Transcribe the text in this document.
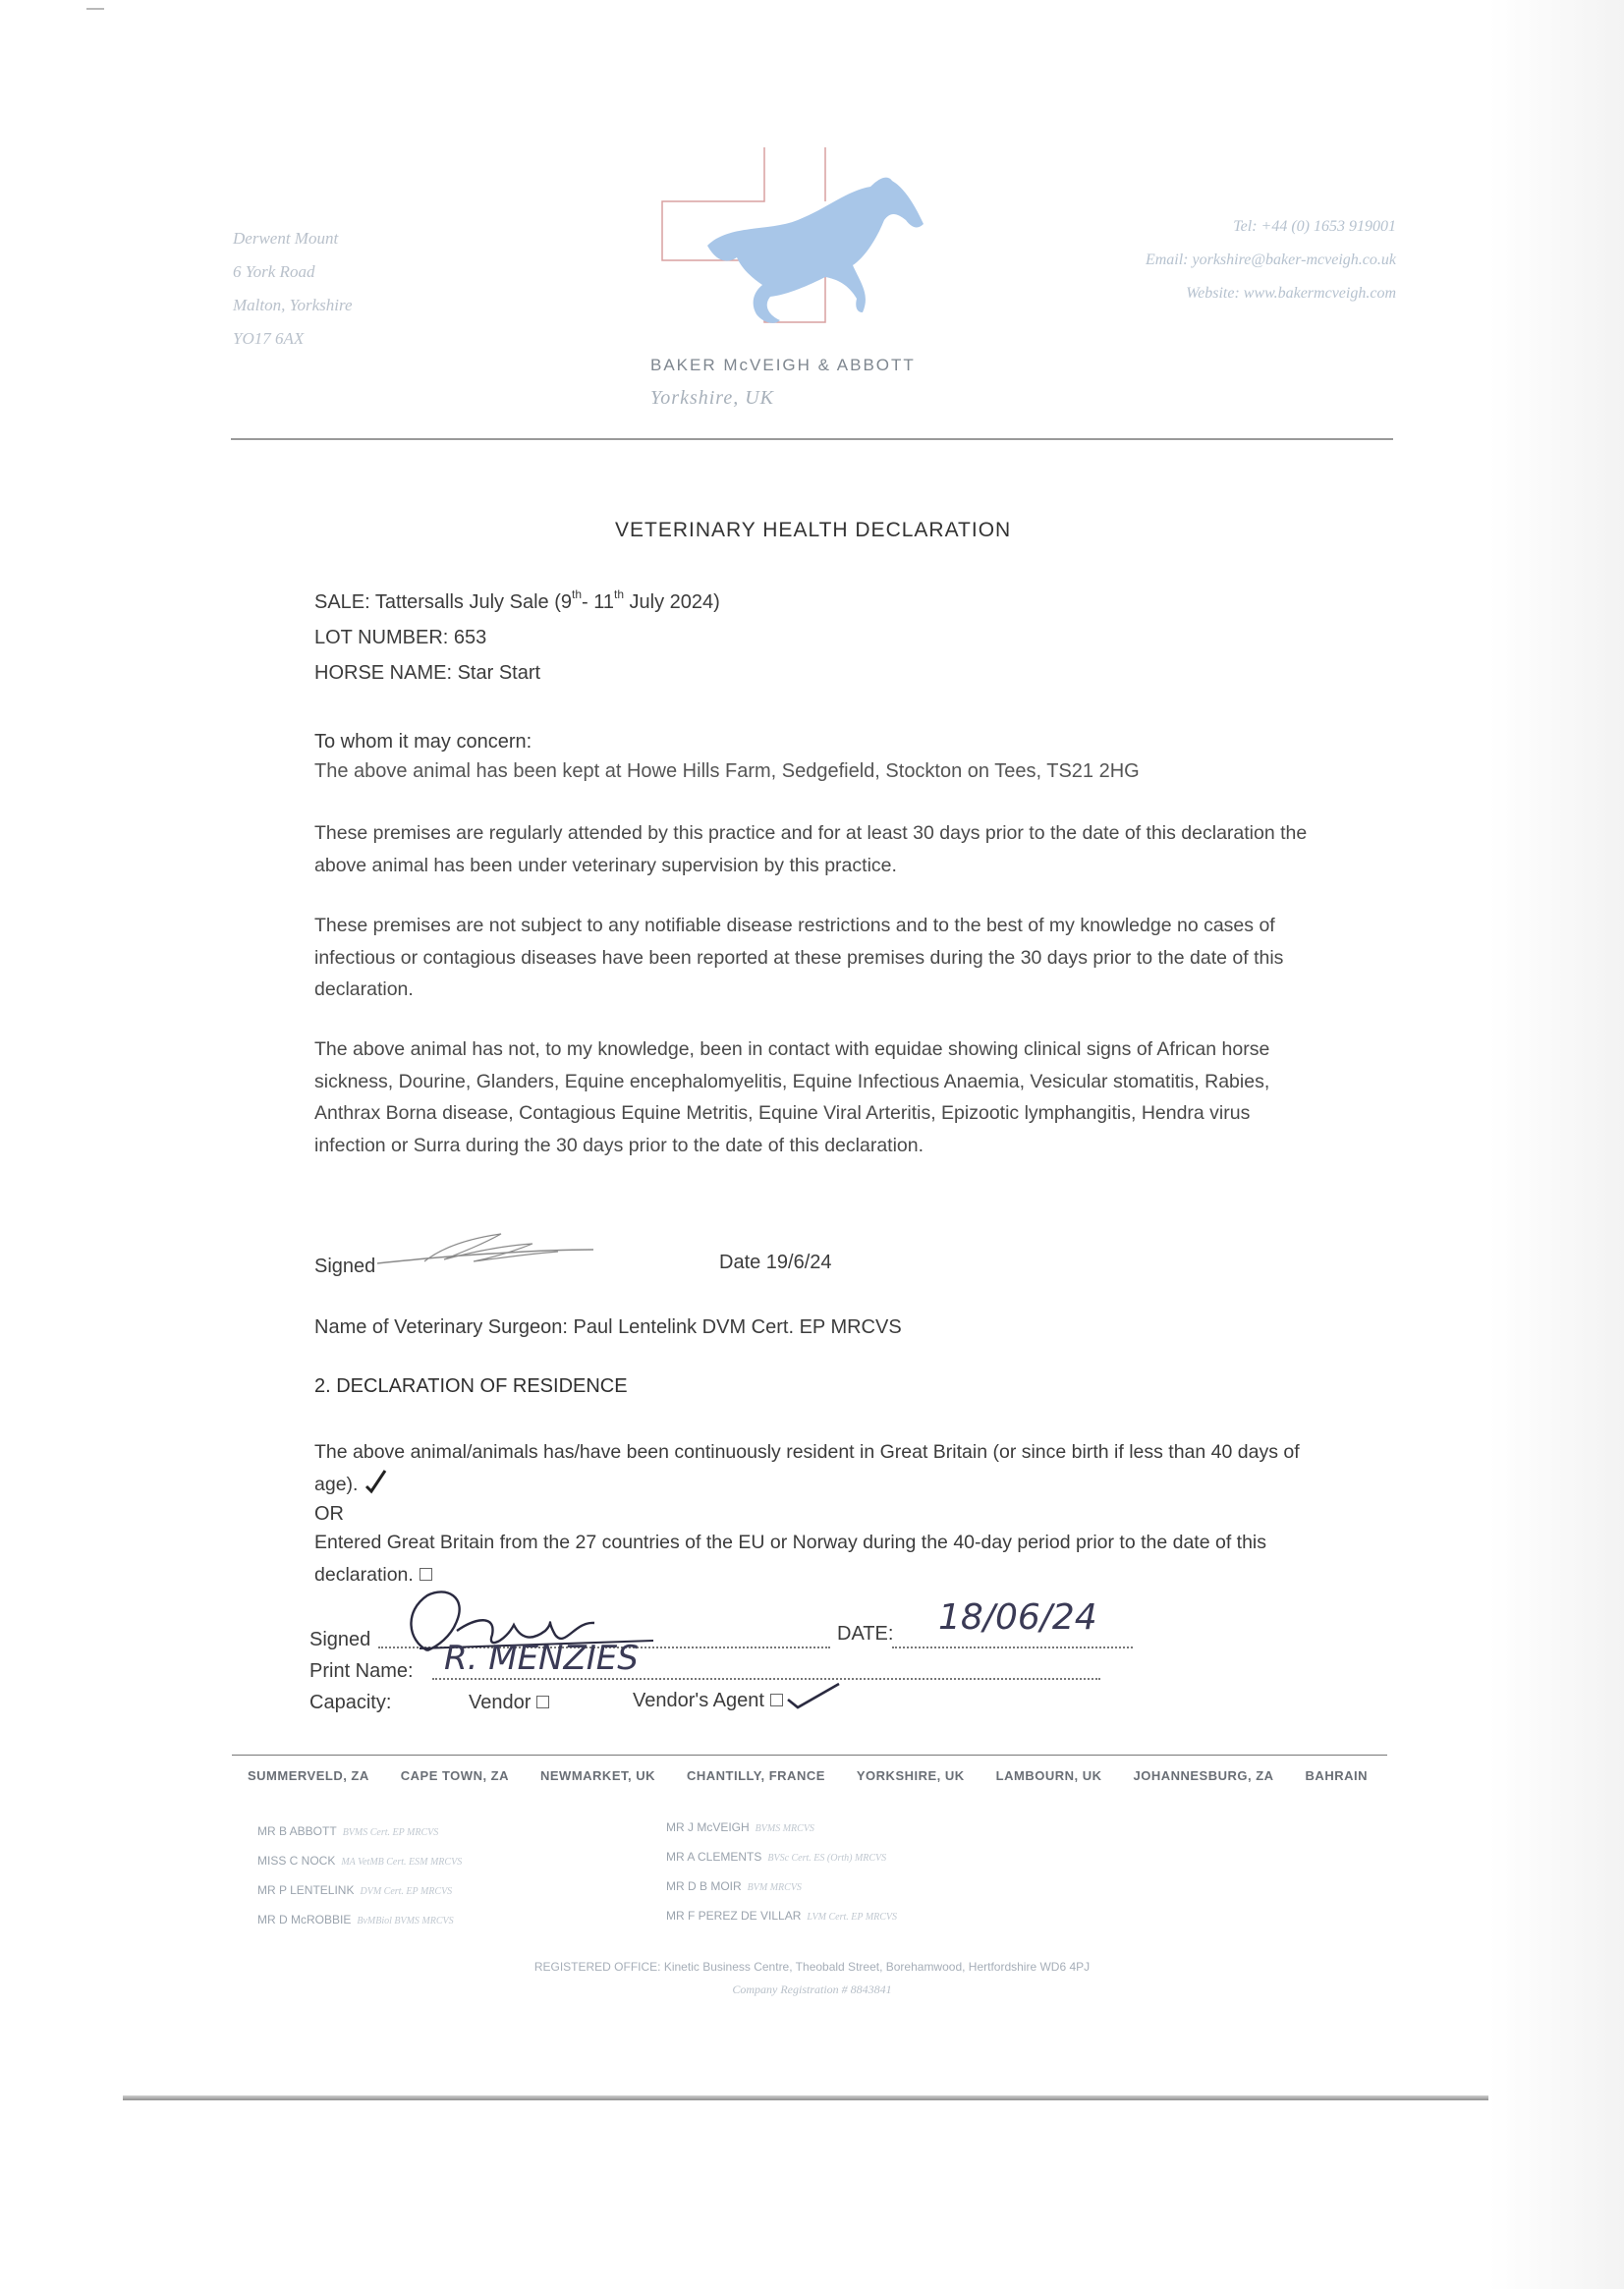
Derwent Mount
6 York Road
Malton, Yorkshire
YO17 6AX
Tel: +44 (0) 1653 919001
Email: yorkshire@baker-mcveigh.co.uk
Website: www.bakermcveigh.com
BAKER McVEIGH & ABBOTT
Yorkshire, UK
VETERINARY HEALTH DECLARATION
SALE: Tattersalls July Sale (9th- 11th July 2024)
LOT NUMBER: 653
HORSE NAME: Star Start
To whom it may concern:
The above animal has been kept at Howe Hills Farm, Sedgefield, Stockton on Tees, TS21 2HG
These premises are regularly attended by this practice and for at least 30 days prior to the date of this declaration the above animal has been under veterinary supervision by this practice.
These premises are not subject to any notifiable disease restrictions and to the best of my knowledge no cases of infectious or contagious diseases have been reported at these premises during the 30 days prior to the date of this declaration.
The above animal has not, to my knowledge, been in contact with equidae showing clinical signs of African horse sickness, Dourine, Glanders, Equine encephalomyelitis, Equine Infectious Anaemia, Vesicular stomatitis, Rabies, Anthrax Borna disease, Contagious Equine Metritis, Equine Viral Arteritis, Epizootic lymphangitis, Hendra virus infection or Surra during the 30 days prior to the date of this declaration.
Signed	Date 19/6/24
Name of Veterinary Surgeon: Paul Lentelink DVM Cert. EP MRCVS
2. DECLARATION OF RESIDENCE
The above animal/animals has/have been continuously resident in Great Britain (or since birth if less than 40 days of age).
OR
Entered Great Britain from the 27 countries of the EU or Norway during the 40-day period prior to the date of this declaration.
Signed	DATE: 18/06/24
Print Name: R. MENZIES
Capacity:	Vendor	Vendor's Agent
SUMMERVELD, ZA CAPE TOWN, ZA NEWMARKET, UK CHANTILLY, FRANCE YORKSHIRE, UK LAMBOURN, UK JOHANNESBURG, ZA BAHRAIN
MR B ABBOTT BVMS Cert. EP MRCVS
MISS C NOCK MA VetMB Cert. ESM MRCVS
MR P LENTELINK DVM Cert. EP MRCVS
MR D McROBBIE BvMBiol BVMS MRCVS
MR J McVEIGH BVMS MRCVS
MR A CLEMENTS BVSc Cert. ES (Orth) MRCVS
MR D B MOIR BVM MRCVS
MR F PEREZ DE VILLAR LVM Cert. EP MRCVS
REGISTERED OFFICE: Kinetic Business Centre, Theobald Street, Borehamwood, Hertfordshire WD6 4PJ
Company Registration # 8843841
